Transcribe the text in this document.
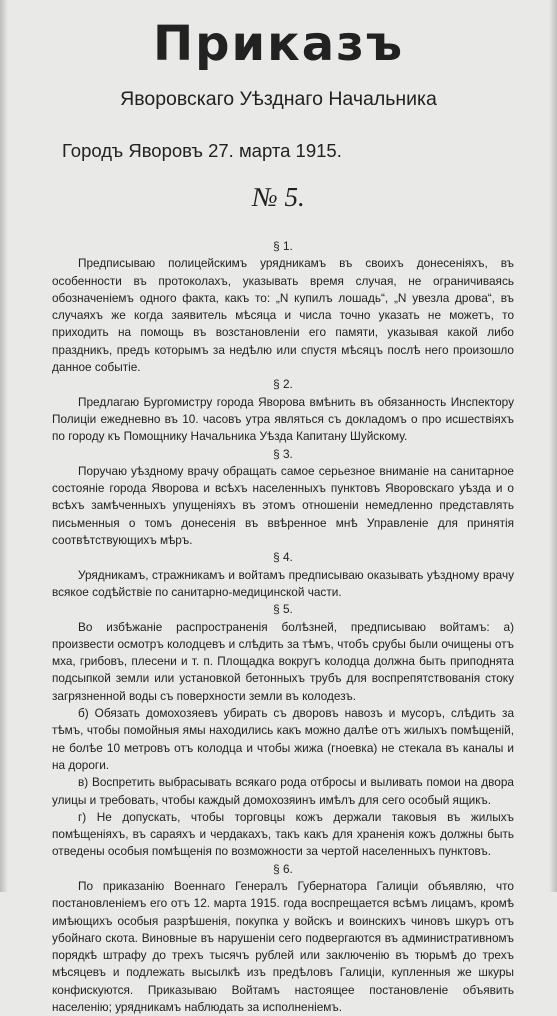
Приказъ
Яворовскаго Уѣзднаго Начальника
Городъ Яворовъ 27. марта 1915.
№ 5.

§ 1.

Предписываю полицейскимъ урядникамъ въ своихъ донесеніяхъ, въ особенности въ протоколахъ, указывать время случая, не ограничиваясь обозначеніемъ одного факта, какъ то: „N купилъ лошадь“, „N увезла дрова“, въ случаяхъ же когда заявитель мѣсяца и числа точно указать не можетъ, то приходить на помощь въ возстановленіи его памяти, указывая какой либо праздникъ, предъ которымъ за недѣлю или спустя мѣсяцъ послѣ него произошло данное событіе.

§ 2.

Предлагаю Бургомистру города Яворова вмѣнить въ обязанность Инспектору Полиціи ежедневно въ 10. часовъ утра являться съ докладомъ о про исшествіяхъ по городу къ Помощнику Начальника Уѣзда Капитану Шуйскому.

§ 3.

Поручаю уѣздному врачу обращать самое серьезное вниманіе на санитарное состояніе города Яворова и всѣхъ населенныхъ пунктовъ Яворовскаго уѣзда и о всѣхъ замѣченныхъ упущеніяхъ въ этомъ отношеніи немедленно представлять письменныя о томъ донесенія въ ввѣренное мнѣ Управленіе для принятія соотвѣтствующихъ мѣръ.

§ 4.

Урядникамъ, стражникамъ и войтамъ предписываю оказывать уѣздному врачу всякое содѣйствіе по санитарно-медицинской части.

§ 5.

Во избѣжаніе распространенія болѣзней, предписываю войтамъ: а) произвести осмотръ колодцевъ и слѣдить за тѣмъ, чтобъ срубы были очищены отъ мха, грибовъ, плесени и т. п. Площадка вокругъ колодца должна быть приподнята подсыпкой земли или установкой бетонныхъ трубъ для воспрепятствованія стоку загрязненной воды съ поверхности земли въ колодезъ.

б) Обязать домохозяевъ убирать съ дворовъ навозъ и мусоръ, слѣдить за тѣмъ, чтобы помойныя ямы находились какъ можно далѣе отъ жилыхъ помѣщеній, не болѣе 10 метровъ отъ колодца и чтобы жижа (гноевка) не стекала въ каналы и на дороги.

в) Воспретить выбрасывать всякаго рода отбросы и выливать помои на двора улицы и требовать, чтобы каждый домохозяинъ имѣлъ для сего особый ящикъ.

г) Не допускать, чтобы торговцы кожъ держали таковыя въ жилыхъ помѣщеніяхъ, въ сараяхъ и чердакахъ, такъ какъ для храненія кожъ должны быть отведены особыя помѣщенія по возможности за чертой населенныхъ пунктовъ.

§ 6.

По приказанію Военнаго Генералъ Губернатора Галиціи объявляю, что постановленіемъ его отъ 12. марта 1915. года воспрещается всѣмъ лицамъ, кромѣ имѣющихъ особыя разрѣшенія, покупка у войскъ и воинскихъ чиновъ шкуръ отъ убойнаго скота. Виновные въ нарушеніи сего подвергаются въ административномъ порядкѣ штрафу до трехъ тысячъ рублей или заключенію въ тюрьмѣ до трехъ мѣсяцевъ и подлежать высылкѣ изъ предѣловъ Галиціи, купленныя же шкуры конфискуются. Приказываю Войтамъ настоящее постановленіе объявить населенію; урядникамъ наблюдать за исполненіемъ.
